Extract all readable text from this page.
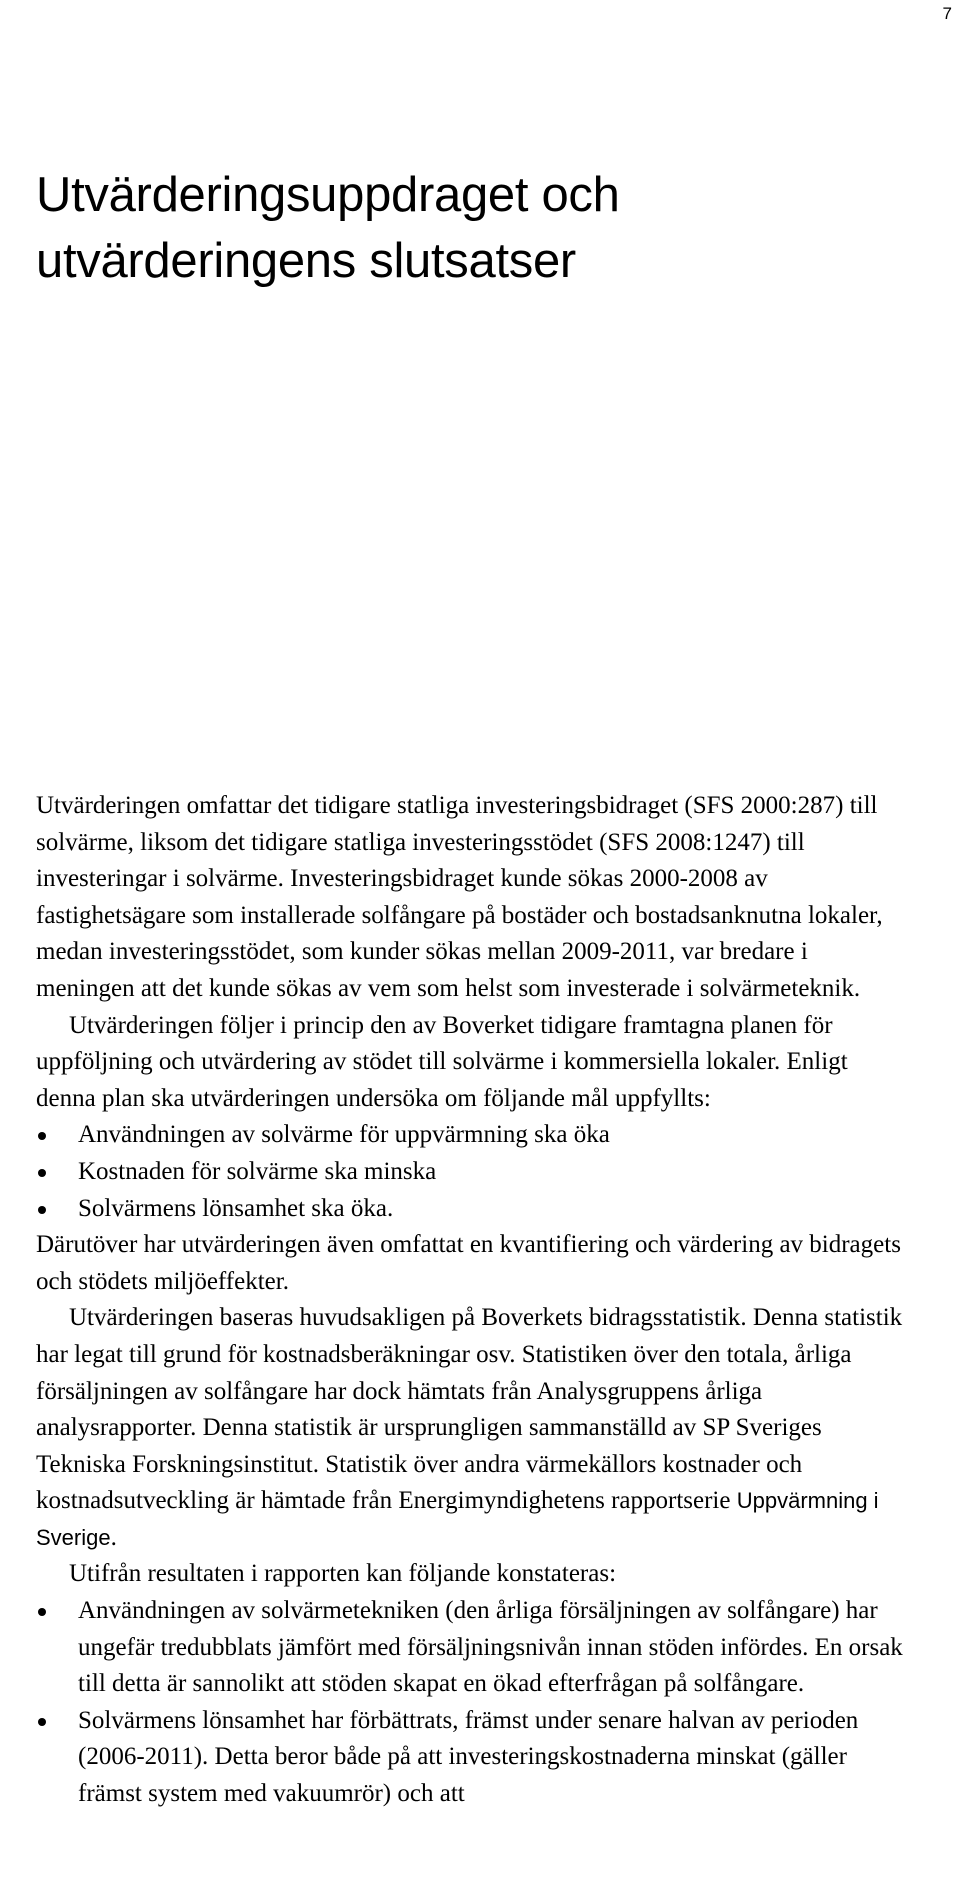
7
Utvärderingsuppdraget och
utvärderingens slutsatser

Utvärderingen omfattar det tidigare statliga investeringsbidraget (SFS 2000:287) till solvärme, liksom det tidigare statliga investeringsstödet (SFS 2008:1247) till investeringar i solvärme. Investeringsbidraget kunde sökas 2000-2008 av fastighetsägare som installerade solfångare på bostäder och bostadsanknutna lokaler, medan investeringsstödet, som kunder sökas mellan 2009-2011, var bredare i meningen att det kunde sökas av vem som helst som investerade i solvärmeteknik.

Utvärderingen följer i princip den av Boverket tidigare framtagna planen för uppföljning och utvärdering av stödet till solvärme i kommersiella lokaler. Enligt denna plan ska utvärderingen undersöka om följande mål uppfyllts:

Användningen av solvärme för uppvärmning ska öka
Kostnaden för solvärme ska minska
Solvärmens lönsamhet ska öka.

Därutöver har utvärderingen även omfattat en kvantifiering och värdering av bidragets och stödets miljöeffekter.

Utvärderingen baseras huvudsakligen på Boverkets bidragsstatistik. Denna statistik har legat till grund för kostnadsberäkningar osv. Statistiken över den totala, årliga försäljningen av solfångare har dock hämtats från Analysgruppens årliga analysrapporter. Denna statistik är ursprungligen sammanställd av SP Sveriges Tekniska Forskningsinstitut. Statistik över andra värmekällors kostnader och kostnadsutveckling är hämtade från Energimyndighetens rapportserie Uppvärmning i Sverige.

Utifrån resultaten i rapporten kan följande konstateras:

Användningen av solvärmetekniken (den årliga försäljningen av solfångare) har ungefär tredubblats jämfört med försäljningsnivån innan stöden infördes. En orsak till detta är sannolikt att stöden skapat en ökad efterfrågan på solfångare.
Solvärmens lönsamhet har förbättrats, främst under senare halvan av perioden (2006-2011). Detta beror både på att investeringskostnaderna minskat (gäller främst system med vakuumrör) och att
